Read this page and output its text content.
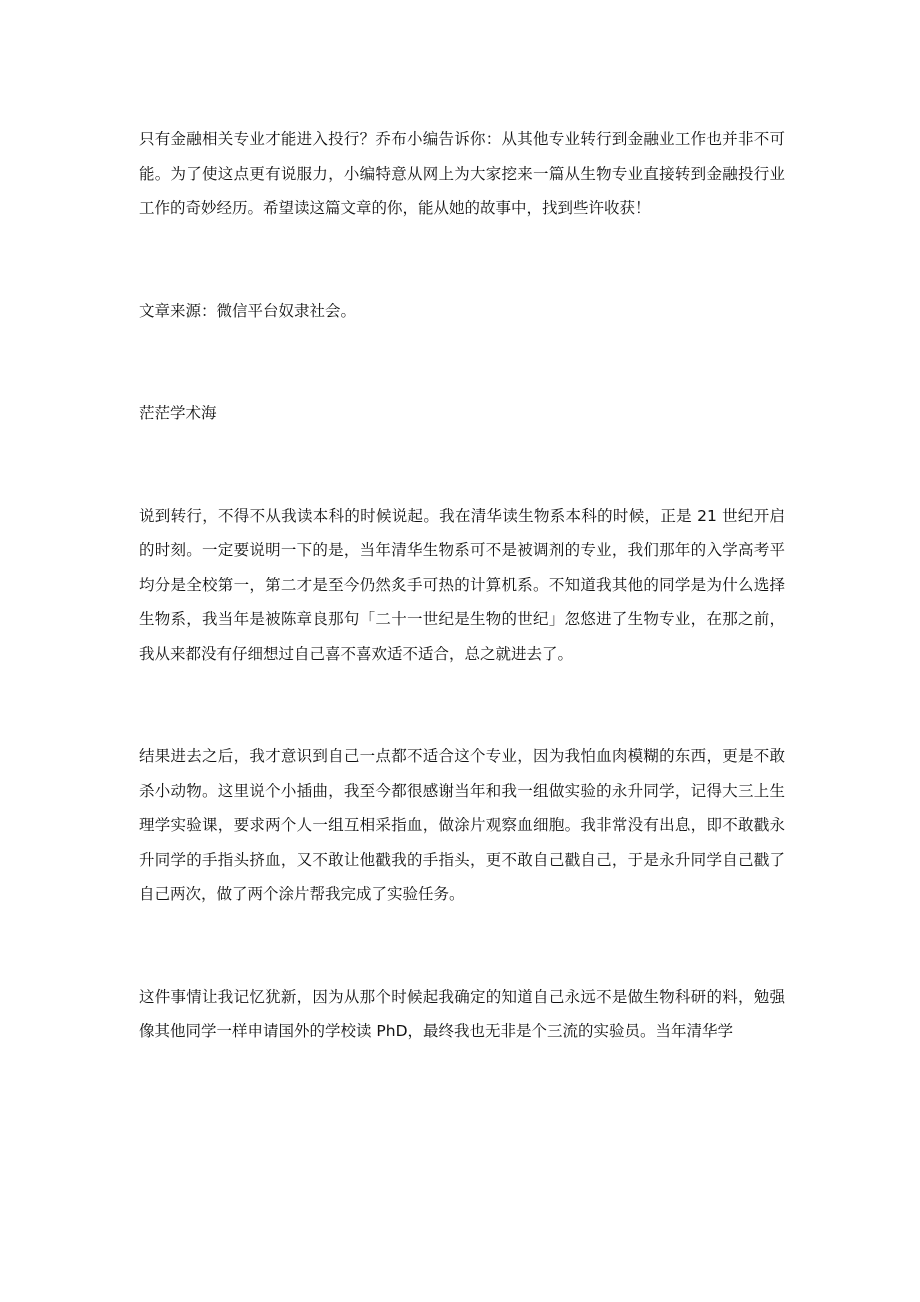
只有金融相关专业才能进入投行？乔布小编告诉你：从其他专业转行到金融业工作也并非不可能。为了使这点更有说服力，小编特意从网上为大家挖来一篇从生物专业直接转到金融投行业工作的奇妙经历。希望读这篇文章的你，能从她的故事中，找到些许收获！

文章来源：微信平台奴隶社会。

茫茫学术海

说到转行，不得不从我读本科的时候说起。我在清华读生物系本科的时候，正是 21 世纪开启的时刻。一定要说明一下的是，当年清华生物系可不是被调剂的专业，我们那年的入学高考平均分是全校第一，第二才是至今仍然炙手可热的计算机系。不知道我其他的同学是为什么选择生物系，我当年是被陈章良那句「二十一世纪是生物的世纪」忽悠进了生物专业，在那之前，我从来都没有仔细想过自己喜不喜欢适不适合，总之就进去了。

结果进去之后，我才意识到自己一点都不适合这个专业，因为我怕血肉模糊的东西，更是不敢杀小动物。这里说个小插曲，我至今都很感谢当年和我一组做实验的永升同学，记得大三上生理学实验课，要求两个人一组互相采指血，做涂片观察血细胞。我非常没有出息，即不敢戳永升同学的手指头挤血，又不敢让他戳我的手指头，更不敢自己戳自己，于是永升同学自己戳了自己两次，做了两个涂片帮我完成了实验任务。

这件事情让我记忆犹新，因为从那个时候起我确定的知道自己永远不是做生物科研的料，勉强像其他同学一样申请国外的学校读 PhD，最终我也无非是个三流的实验员。当年清华学
